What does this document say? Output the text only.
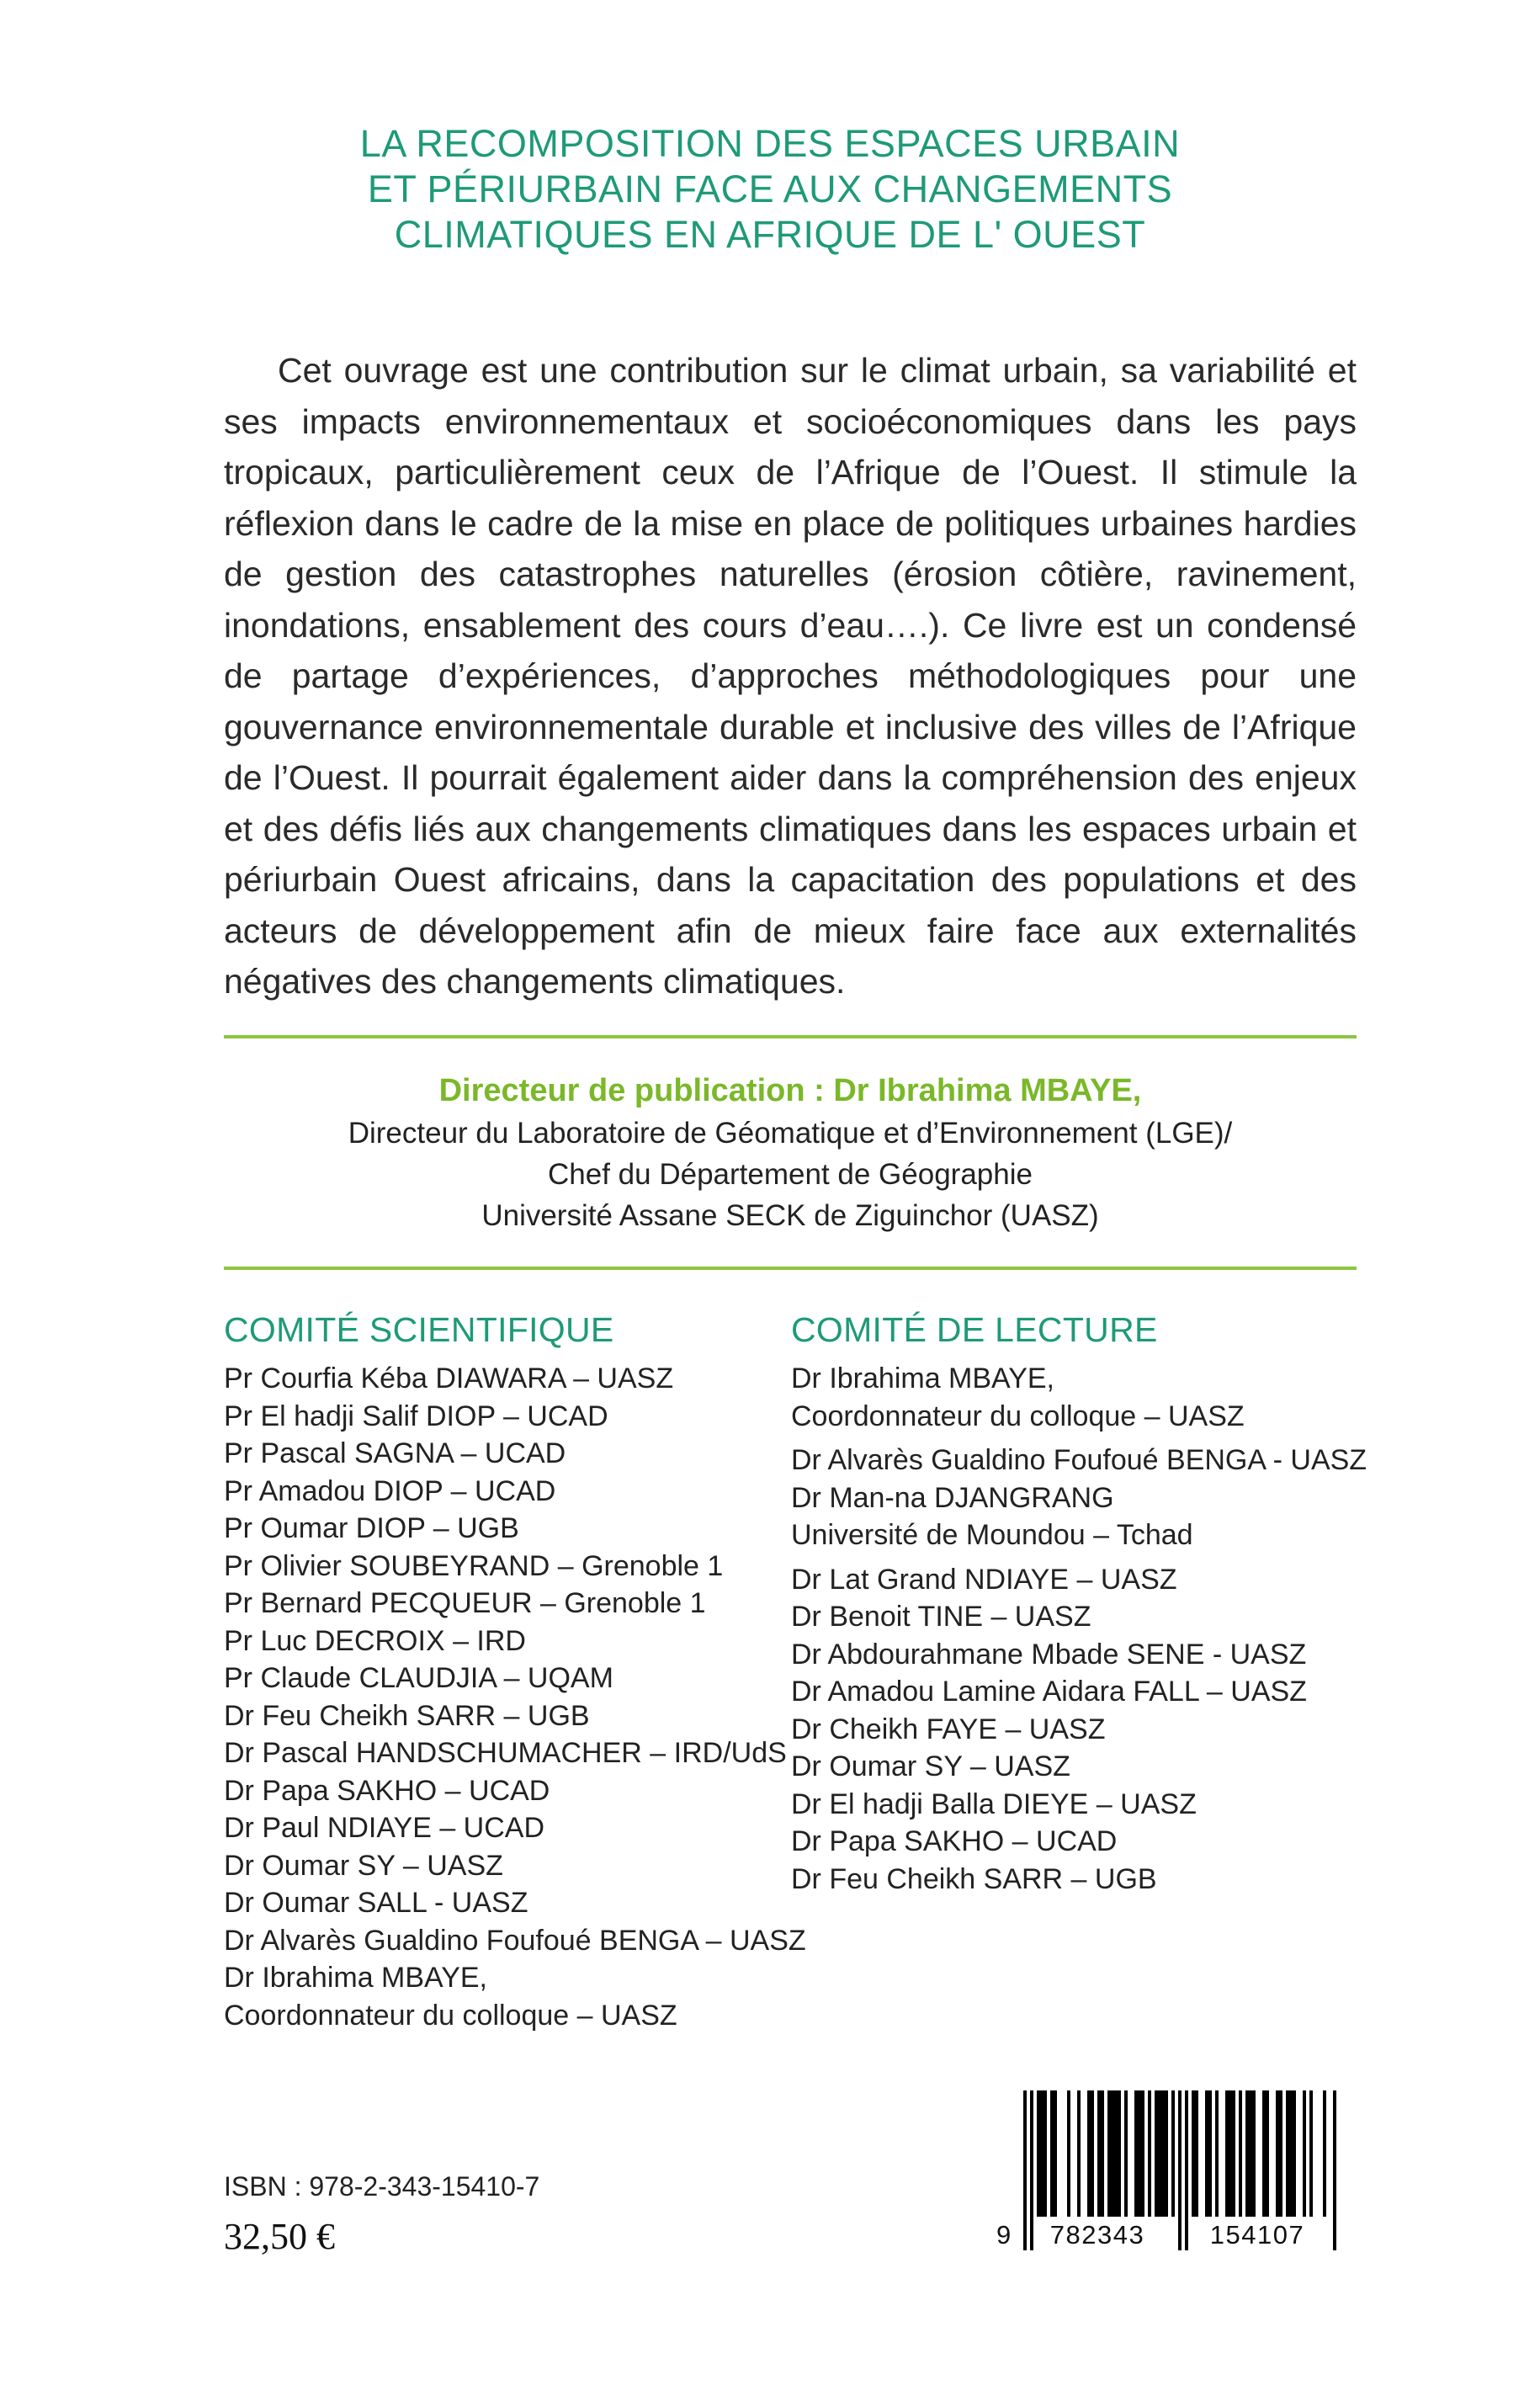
LA RECOMPOSITION DES ESPACES URBAIN
ET PÉRIURBAIN FACE AUX CHANGEMENTS
CLIMATIQUES EN AFRIQUE DE L' OUEST

Cet ouvrage est une contribution sur le climat urbain, sa variabilité et ses impacts environnementaux et socioéconomiques dans les pays tropicaux, particulièrement ceux de l’Afrique de l’Ouest. Il stimule la réflexion dans le cadre de la mise en place de politiques urbaines hardies de gestion des catastrophes naturelles (érosion côtière, ravinement, inondations, ensablement des cours d’eau….). Ce livre est un condensé de partage d’expériences, d’approches méthodologiques pour une gouvernance environnementale durable et inclusive des villes de l’Afrique de l’Ouest. Il pourrait également aider dans la compréhension des enjeux et des défis liés aux changements climatiques dans les espaces urbain et périurbain Ouest africains, dans la capacitation des populations et des acteurs de développement afin de mieux faire face aux externalités négatives des changements climatiques.

Directeur de publication : Dr Ibrahima MBAYE,
Directeur du Laboratoire de Géomatique et d’Environnement (LGE)/
Chef du Département de Géographie
Université Assane SECK de Ziguinchor (UASZ)
COMITÉ SCIENTIFIQUE
Pr Courfia Kéba DIAWARA – UASZ
Pr El hadji Salif DIOP – UCAD
Pr Pascal SAGNA – UCAD
Pr Amadou DIOP – UCAD
Pr Oumar DIOP – UGB
Pr Olivier SOUBEYRAND – Grenoble 1
Pr Bernard PECQUEUR – Grenoble 1
Pr Luc DECROIX – IRD
Pr Claude CLAUDJIA – UQAM
Dr Feu Cheikh SARR – UGB
Dr Pascal HANDSCHUMACHER – IRD/UdS
Dr Papa SAKHO – UCAD
Dr Paul NDIAYE – UCAD
Dr Oumar SY – UASZ
Dr Oumar SALL - UASZ
Dr Alvarès Gualdino Foufoué BENGA – UASZ
Dr Ibrahima MBAYE,
Coordonnateur du colloque – UASZ
COMITÉ DE LECTURE
Dr Ibrahima MBAYE,
Coordonnateur du colloque – UASZ
Dr Alvarès Gualdino Foufoué BENGA - UASZ
Dr Man-na DJANGRANG
Université de Moundou – Tchad
Dr Lat Grand NDIAYE – UASZ
Dr Benoit TINE – UASZ
Dr Abdourahmane Mbade SENE - UASZ
Dr Amadou Lamine Aidara FALL – UASZ
Dr Cheikh FAYE – UASZ
Dr Oumar SY – UASZ
Dr El hadji Balla DIEYE – UASZ
Dr Papa SAKHO – UCAD
Dr Feu Cheikh SARR – UGB
ISBN : 978-2-343-15410-7
32,50 €	9	782343	154107
